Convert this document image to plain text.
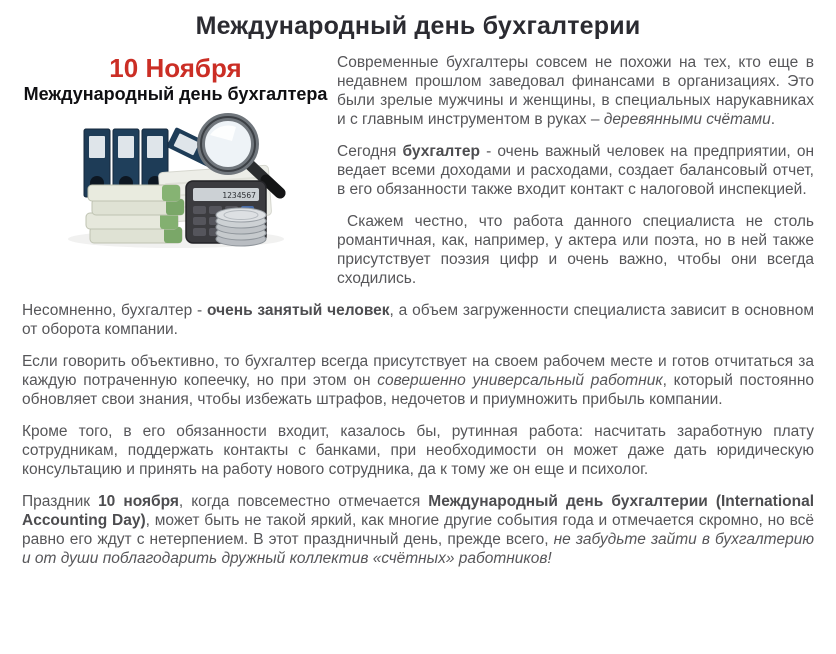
Международный день бухгалтерии
10 Ноября
Международный день бухгалтера
1234567

Современные бухгалтеры совсем не похожи на тех, кто еще в недавнем прошлом заведовал финансами в организациях. Это были зрелые мужчины и женщины, в специальных нарукавниках и с главным инструментом в руках – деревянными счётами.

Сегодня бухгалтер - очень важный человек на предприятии, он ведает всеми доходами и расходами, создает балансовый отчет, в его обязанности также входит контакт с налоговой инспекцией.

Скажем честно, что работа данного специалиста не столь романтичная, как, например, у актера или поэта, но в ней также присутствует поэзия цифр и очень важно, чтобы они всегда сходились.

Несомненно, бухгалтер - очень занятый человек, а объем загруженности специалиста зависит в основном от оборота компании.

Если говорить объективно, то бухгалтер всегда присутствует на своем рабочем месте и готов отчитаться за каждую потраченную копеечку, но при этом он совершенно универсальный работник, который постоянно обновляет свои знания, чтобы избежать штрафов, недочетов и приумножить прибыль компании.

Кроме того, в его обязанности входит, казалось бы, рутинная работа: насчитать заработную плату сотрудникам, поддержать контакты с банками, при необходимости он может даже дать юридическую консультацию и принять на работу нового сотрудника, да к тому же он еще и психолог.

Праздник 10 ноября, когда повсеместно отмечается Международный день бухгалтерии (International Accounting Day), может быть не такой яркий, как многие другие события года и отмечается скромно, но всё равно его ждут с нетерпением. В этот праздничный день, прежде всего, не забудьте зайти в бухгалтерию и от души поблагодарить дружный коллектив «счётных» работников!
